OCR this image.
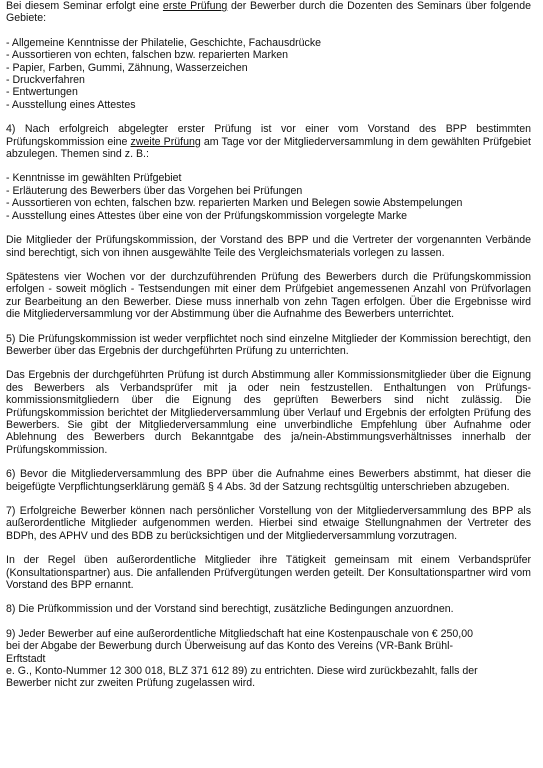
Bei diesem Seminar erfolgt eine erste Prüfung der Bewerber durch die Dozenten des Seminars über folgende Gebiete:

- Allgemeine Kenntnisse der Philatelie, Geschichte, Fachausdrücke
- Aussortieren von echten, falschen bzw. reparierten Marken
- Papier, Farben, Gummi, Zähnung, Wasserzeichen
- Druckverfahren
- Entwertungen
- Ausstellung eines Attestes

4) Nach erfolgreich abgelegter erster Prüfung ist vor einer vom Vorstand des BPP bestimmten Prüfungskommission eine zweite Prüfung am Tage vor der Mitgliederversammlung in dem gewählten Prüfgebiet abzulegen. Themen sind z. B.:

- Kenntnisse im gewählten Prüfgebiet
- Erläuterung des Bewerbers über das Vorgehen bei Prüfungen
- Aussortieren von echten, falschen bzw. reparierten Marken und Belegen sowie Abstempelungen
- Ausstellung eines Attestes über eine von der Prüfungskommission vorgelegte Marke

Die Mitglieder der Prüfungskommission, der Vorstand des BPP und die Vertreter der vorgenannten Verbände sind berechtigt, sich von ihnen ausgewählte Teile des Vergleichsmaterials vorlegen zu lassen.

Spätestens vier Wochen vor der durchzuführenden Prüfung des Bewerbers durch die Prüfungskommission erfolgen - soweit möglich - Testsendungen mit einer dem Prüfgebiet angemessenen Anzahl von Prüfvorlagen zur Bearbeitung an den Bewerber. Diese muss innerhalb von zehn Tagen erfolgen. Über die Ergebnisse wird die Mitgliederversammlung vor der Abstimmung über die Aufnahme des Bewerbers unterrichtet.

5) Die Prüfungskommission ist weder verpflichtet noch sind einzelne Mitglieder der Kommission berechtigt, den Bewerber über das Ergebnis der durchgeführten Prüfung zu unterrichten.

Das Ergebnis der durchgeführten Prüfung ist durch Abstimmung aller Kommissionsmitglieder über die Eignung des Bewerbers als Verbandsprüfer mit ja oder nein festzustellen. Enthaltungen von Prüfungs-kommissionsmitgliedern über die Eignung des geprüften Bewerbers sind nicht zulässig. Die Prüfungskommission berichtet der Mitgliederversammlung über Verlauf und Ergebnis der erfolgten Prüfung des Bewerbers. Sie gibt der Mitgliederversammlung eine unverbindliche Empfehlung über Aufnahme oder Ablehnung des Bewerbers durch Bekanntgabe des ja/nein-Abstimmungsverhältnisses innerhalb der Prüfungskommission.

6) Bevor die Mitgliederversammlung des BPP über die Aufnahme eines Bewerbers abstimmt, hat dieser die beigefügte Verpflichtungserklärung gemäß § 4 Abs. 3d der Satzung rechtsgültig unterschrieben abzugeben.

7) Erfolgreiche Bewerber können nach persönlicher Vorstellung von der Mitgliederversammlung des BPP als außerordentliche Mitglieder aufgenommen werden. Hierbei sind etwaige Stellungnahmen der Vertreter des BDPh, des APHV und des BDB zu berücksichtigen und der Mitgliederversammlung vorzutragen.

In der Regel üben außerordentliche Mitglieder ihre Tätigkeit gemeinsam mit einem Verbandsprüfer (Konsultationspartner) aus. Die anfallenden Prüfvergütungen werden geteilt. Der Konsultationspartner wird vom Vorstand des BPP ernannt.

8) Die Prüfkommission und der Vorstand sind berechtigt, zusätzliche Bedingungen anzuordnen.

9) Jeder Bewerber auf eine außerordentliche Mitgliedschaft hat eine Kostenpauschale von € 250,00
bei der Abgabe der Bewerbung durch Überweisung auf das Konto des Vereins (VR-Bank Brühl-
Erftstadt
e. G., Konto-Nummer 12 300 018, BLZ 371 612 89) zu entrichten. Diese wird zurückbezahlt, falls der
Bewerber nicht zur zweiten Prüfung zugelassen wird.
